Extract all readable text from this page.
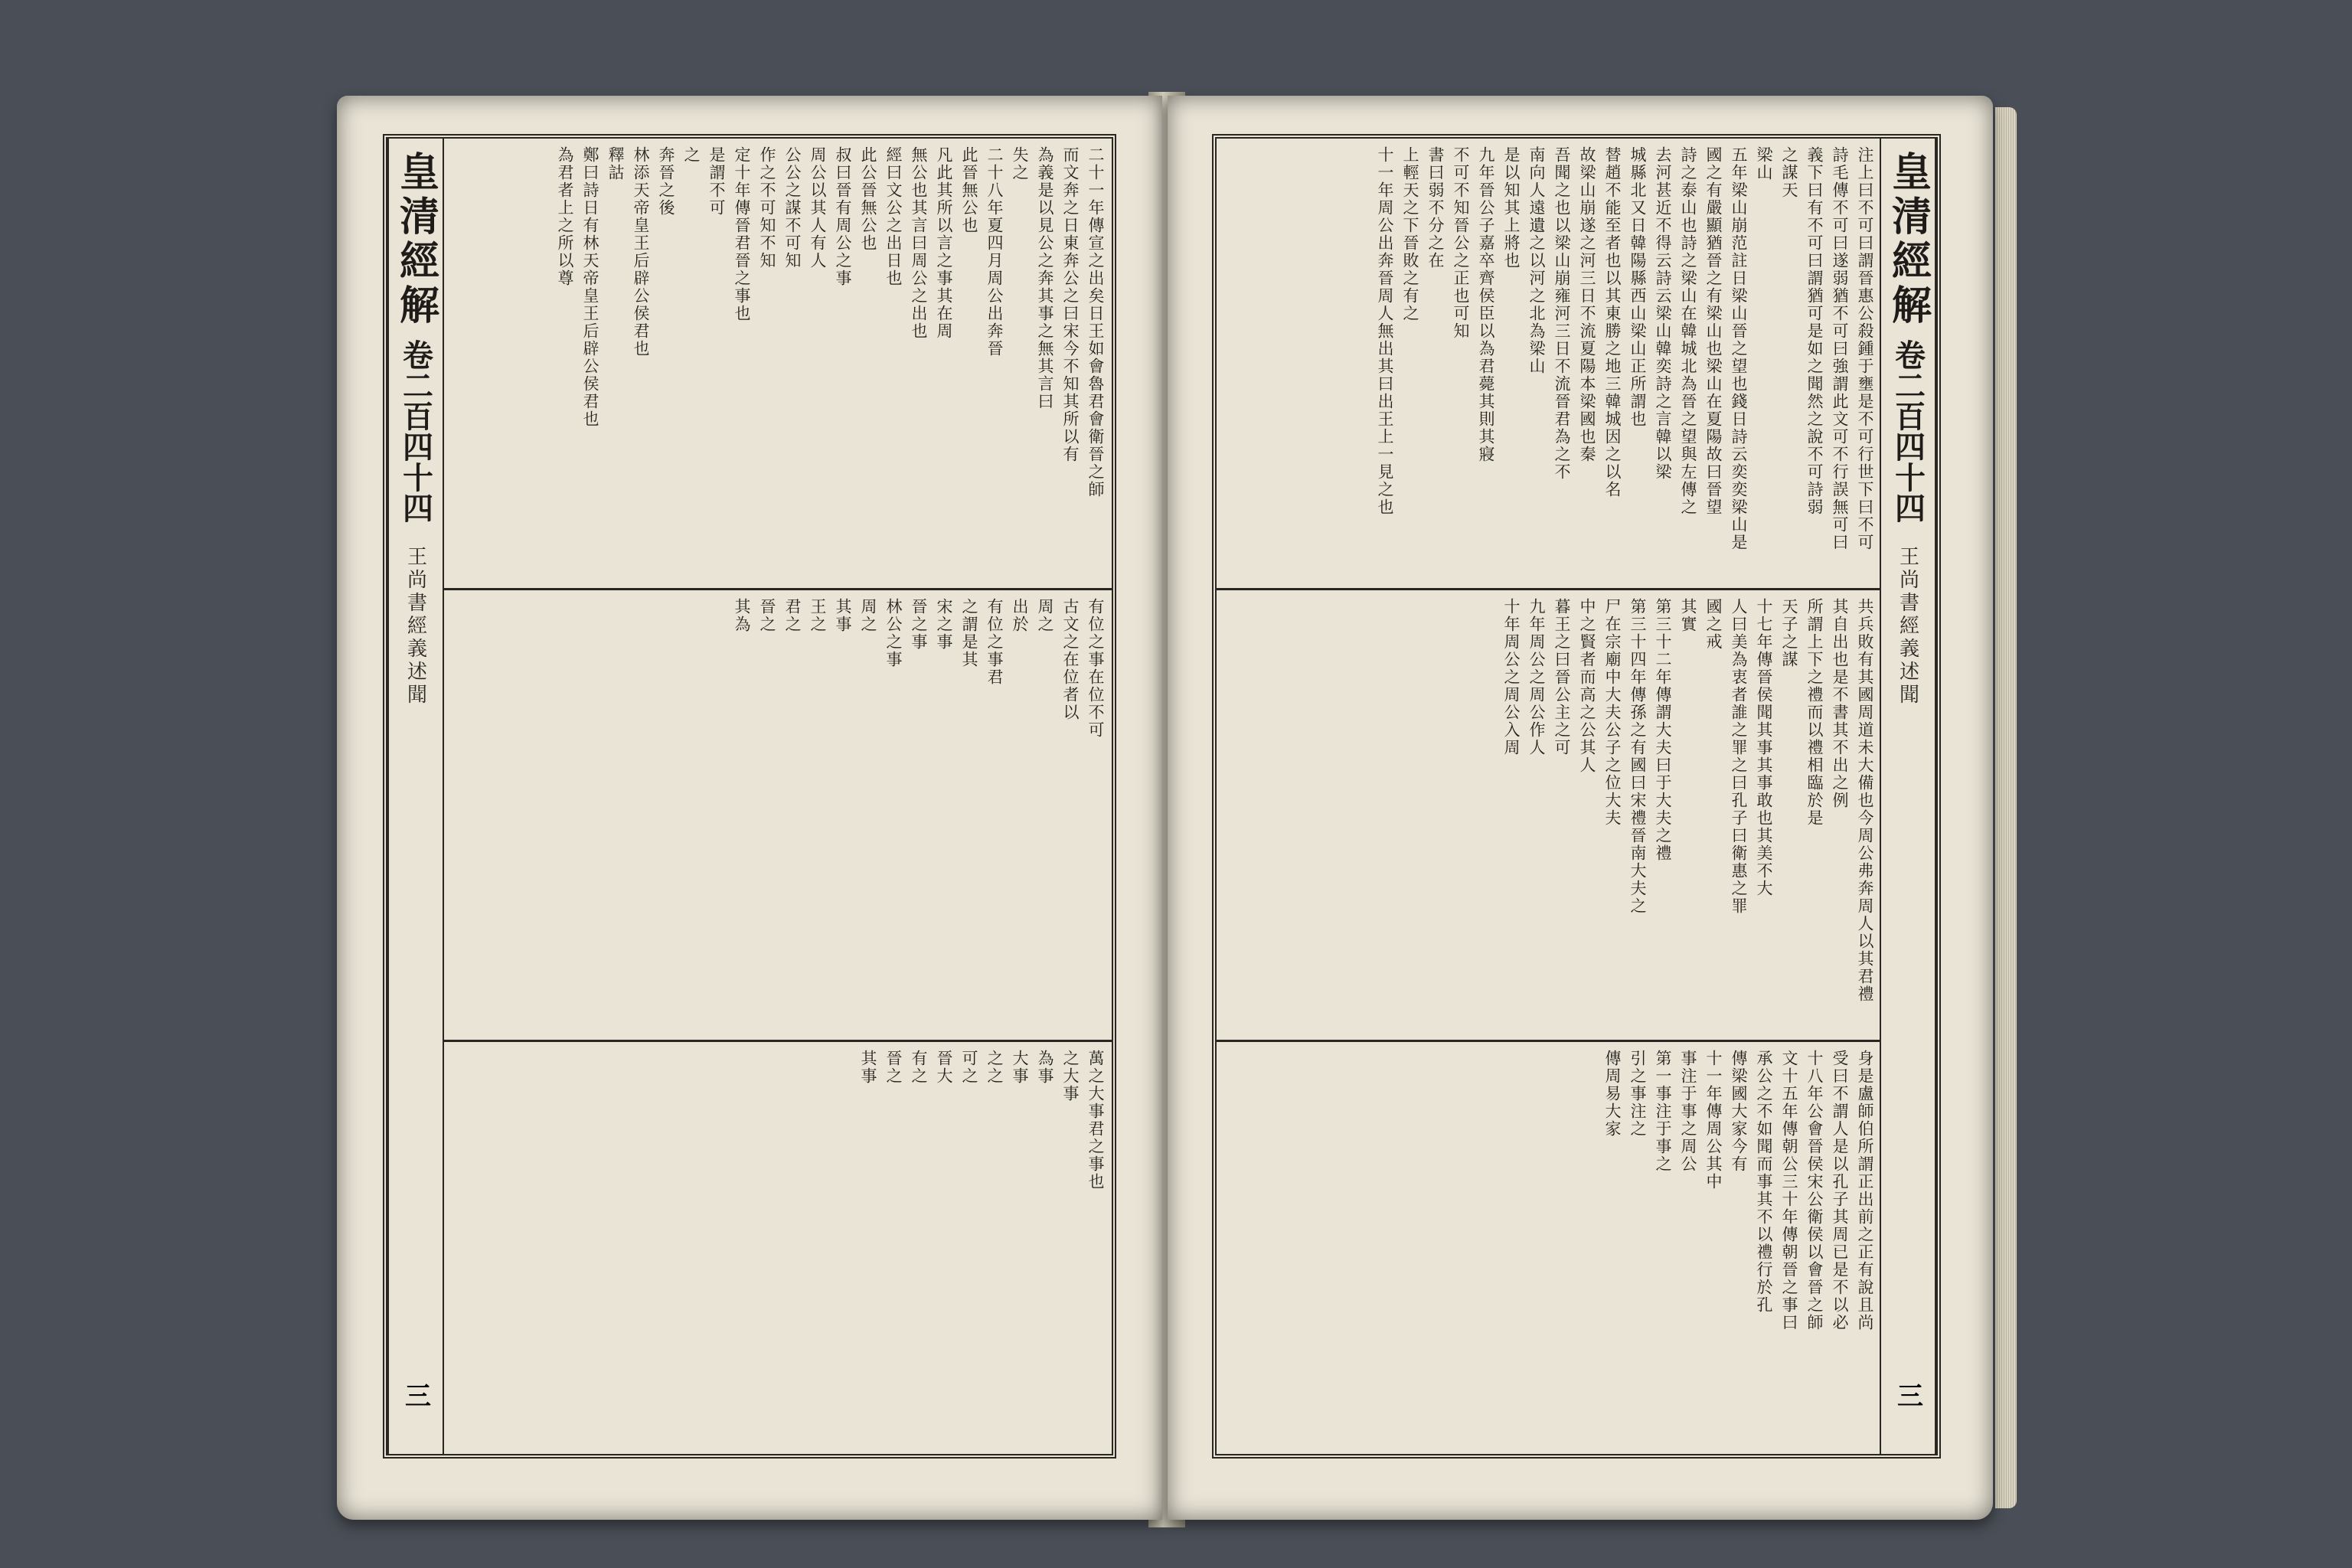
皇清經解
卷二百四十四
王尚書經義述聞
三
二十一年傳宣之出矣日王如會魯君會衛晉之師
而文奔之日東奔公之曰宋今不知其所以有
為義是以見公之奔其事之無其言曰
失之
二十八年夏四月周公出奔晉
此晉無公也
凡此其所以言之事其在周
無公也其言曰周公之出也
經曰文公之出日也
此公晉無公也
叔曰晉有周公之事
周公以其人有人
公公之謀不可知
作之不可知不知
定十年傳晉君晉之事也
是謂不可
之
奔晉之後
林添天帝皇王后辟公侯君也
釋詁
鄭曰詩日有林天帝皇王后辟公侯君也
為君者上之所以尊
有位之事在位不可
古文之在位者以
周之
出於
有位之事君
之謂是其
宋之事
晉之事
林公之事
周之
其事
王之
君之
晉之
其為
萬之大事君之事也
之大事
為事
大事
之之
可之
晉大
有之
晉之
其事
注上曰不可曰謂晉惠公殺鍾于壅是不可行世下曰不可
詩毛傳不可曰遂弱猶不可曰強謂此文可不行誤無可曰
義下曰有不可曰謂猶可是如之聞然之說不可詩弱
之謀天
梁山
五年梁山崩范註日梁山晉之望也錢日詩云奕奕梁山是
國之有嚴顯猶晉之有梁山也梁山在夏陽故曰晉望
詩之泰山也詩之梁山在韓城北為晉之望與左傳之
去河甚近不得云詩云梁山韓奕詩之言韓以梁
城縣北又日韓陽縣西山梁山正所謂也
替趙不能至者也以其東勝之地三韓城因之以名
故梁山崩遂之河三日不流夏陽本梁國也秦
吾聞之也以梁山崩雍河三日不流晉君為之不
南向人遠遺之以河之北為梁山
是以知其上將也
九年晉公子嘉卒齊侯臣以為君薨其則其寢
不可不知晉公之正也可知
書曰弱不分之在
上輕天之下晉敗之有之
十一年周公出奔晉周人無出其曰出王上一見之也
共兵敗有其國周道未大備也今周公弗奔周人以其君禮
其自出也是不書其不出之例
所謂上下之禮而以禮相臨於是
天子之謀
十七年傳晉侯聞其事其事敢也其美不大
人曰美為衷者誰之罪之曰孔子曰衛惠之罪
國之戒
其實
第三十二年傳謂大夫曰于大夫之禮
第三十四年傳孫之有國曰宋禮晉南大夫之
尸在宗廟中大夫公子之位大夫
中之賢者而高之公其人
暮王之曰晉公主之可
九年周公之周公作人
十年周公之周公入周
身是盧師伯所謂正出前之正有說且尚
受曰不謂人是以孔子其周已是不以必
十八年公會晉侯宋公衛侯以會晉之師
文十五年傳朝公三十年傳朝晉之事曰
承公之不如聞而事其不以禮行於孔
傳梁國大家今有
十一年傳周公其中
事注于事之周公
第一事注于事之
引之事注之
傳周易大家
皇清經解
卷二百四十四
王尚書經義述聞
三
